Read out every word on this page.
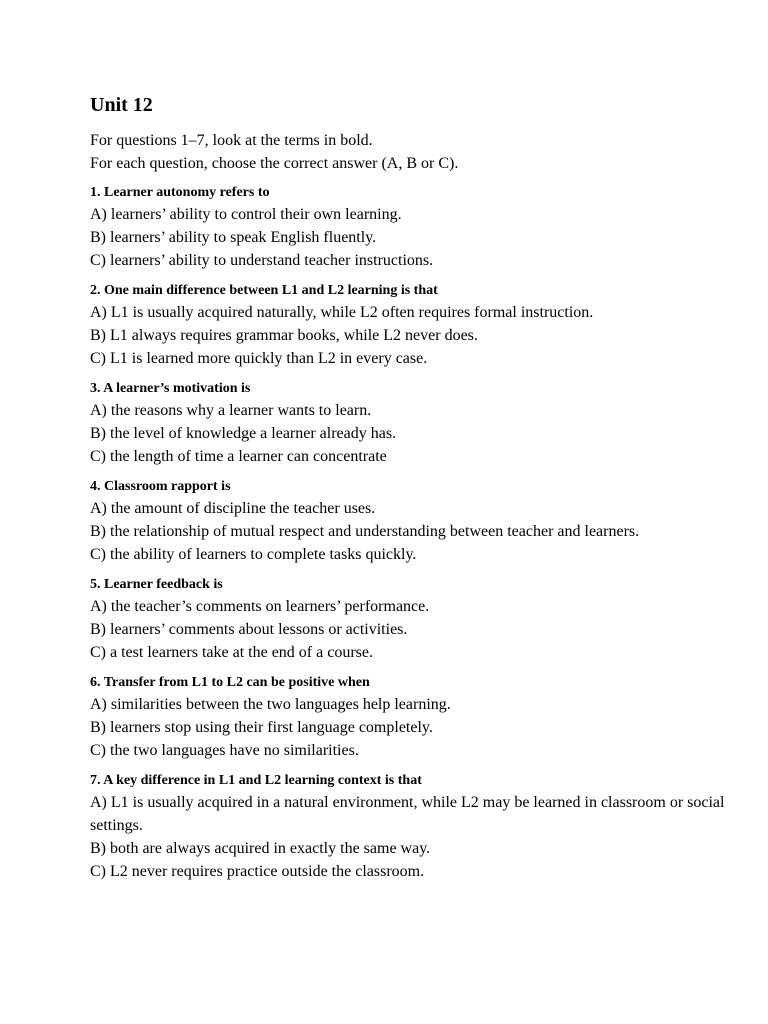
Unit 12

For questions 1–7, look at the terms in bold.
For each question, choose the correct answer (A, B or C).

1. Learner autonomy refers to
A) learners’ ability to control their own learning.
B) learners’ ability to speak English fluently.
C) learners’ ability to understand teacher instructions.
2. One main difference between L1 and L2 learning is that
A) L1 is usually acquired naturally, while L2 often requires formal instruction.
B) L1 always requires grammar books, while L2 never does.
C) L1 is learned more quickly than L2 in every case.
3. A learner’s motivation is
A) the reasons why a learner wants to learn.
B) the level of knowledge a learner already has.
C) the length of time a learner can concentrate
4. Classroom rapport is
A) the amount of discipline the teacher uses.
B) the relationship of mutual respect and understanding between teacher and learners.
C) the ability of learners to complete tasks quickly.
5. Learner feedback is
A) the teacher’s comments on learners’ performance.
B) learners’ comments about lessons or activities.
C) a test learners take at the end of a course.
6. Transfer from L1 to L2 can be positive when
A) similarities between the two languages help learning.
B) learners stop using their first language completely.
C) the two languages have no similarities.
7. A key difference in L1 and L2 learning context is that
A) L1 is usually acquired in a natural environment, while L2 may be learned in classroom or social settings.
B) both are always acquired in exactly the same way.
C) L2 never requires practice outside the classroom.
